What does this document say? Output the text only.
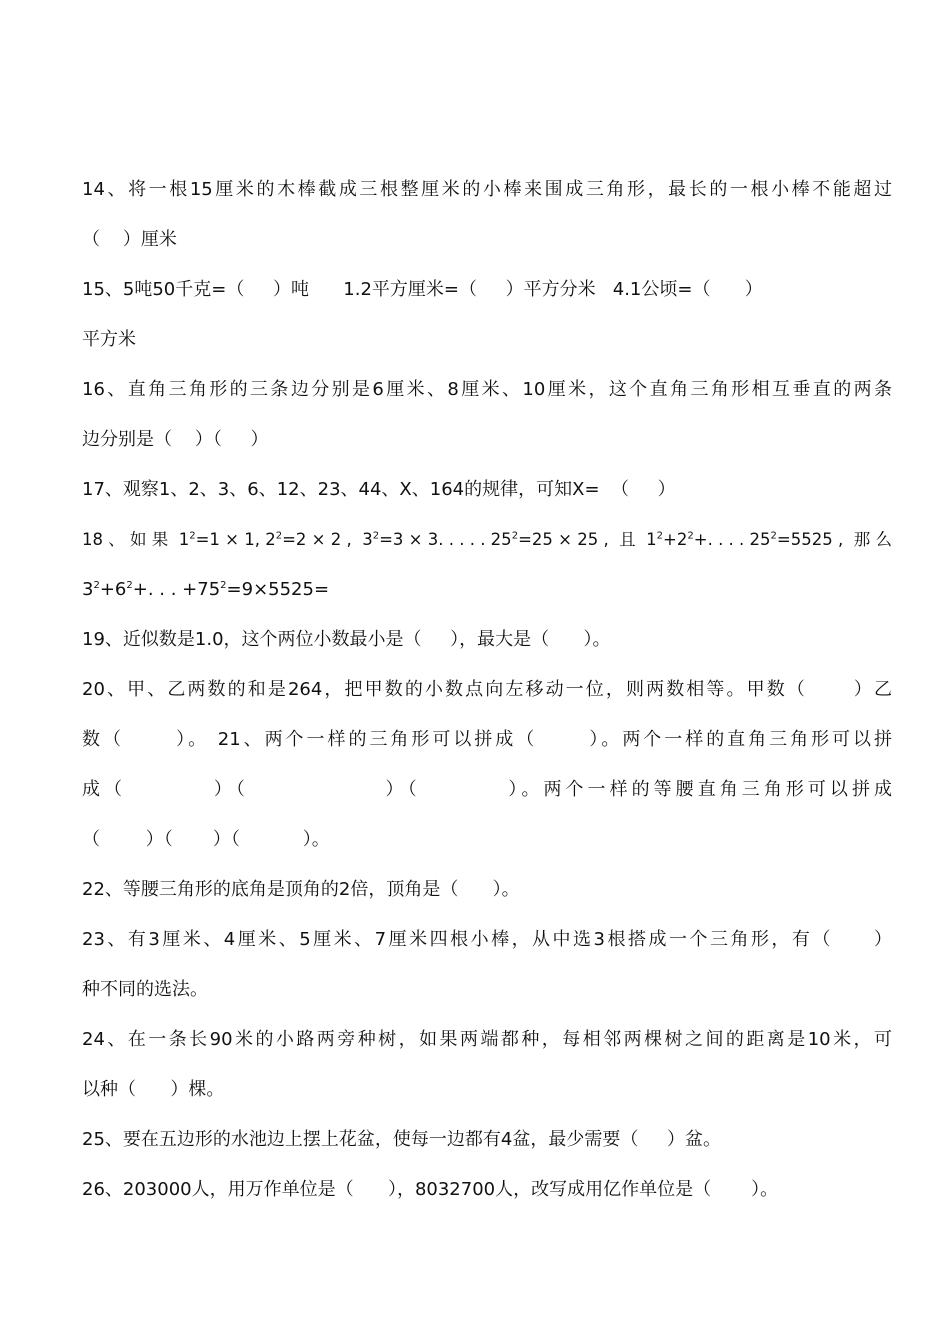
14、将一根15厘米的木棒截成三根整厘米的小棒来围成三角形，最长的一根小棒不能超过
（    ）厘米
15、5吨50千克=（     ）吨      1.2平方厘米=（     ）平方分米   4.1公顷=（      ）
平方米
16、直角三角形的三条边分别是6厘米、8厘米、10厘米，这个直角三角形相互垂直的两条
边分别是（    ）（     ）
17、观察1、2、3、6、12、23、44、X、164的规律，可知X=  （     ）
18 、 如 果  $1^2=1 \times 1$, $2^2=2 \times 2$ ,  $3^2=3 \times 3$. . . . . $25^2=25 \times 25$ ,  且  $1^2+2^2+$. . . . $25^2=5525$ ,  那 么
$3^2+6^2+$. . . $+75^2=9\times 5525=$
19、近似数是1.0，这个两位小数最小是（     ），最大是（      ）。
20、甲、乙两数的和是264，把甲数的小数点向左移动一位，则两数相等。甲数（      ）乙
数（      ）。 21、两个一样的三角形可以拼成（      ）。两个一样的直角三角形可以拼
成（         ）（              ）（         ）。两个一样的等腰直角三角形可以拼成
（        ）（       ）（           ）。
22、等腰三角形的底角是顶角的2倍，顶角是（      ）。
23、有3厘米、4厘米、5厘米、7厘米四根小棒，从中选3根搭成一个三角形，有（     ）
种不同的选法。
24、在一条长90米的小路两旁种树，如果两端都种，每相邻两棵树之间的距离是10米，可
以种（      ）棵。
25、要在五边形的水池边上摆上花盆，使每一边都有4盆，最少需要（     ）盆。
26、203000人，用万作单位是（      ），8032700人，改写成用亿作单位是（       ）。
